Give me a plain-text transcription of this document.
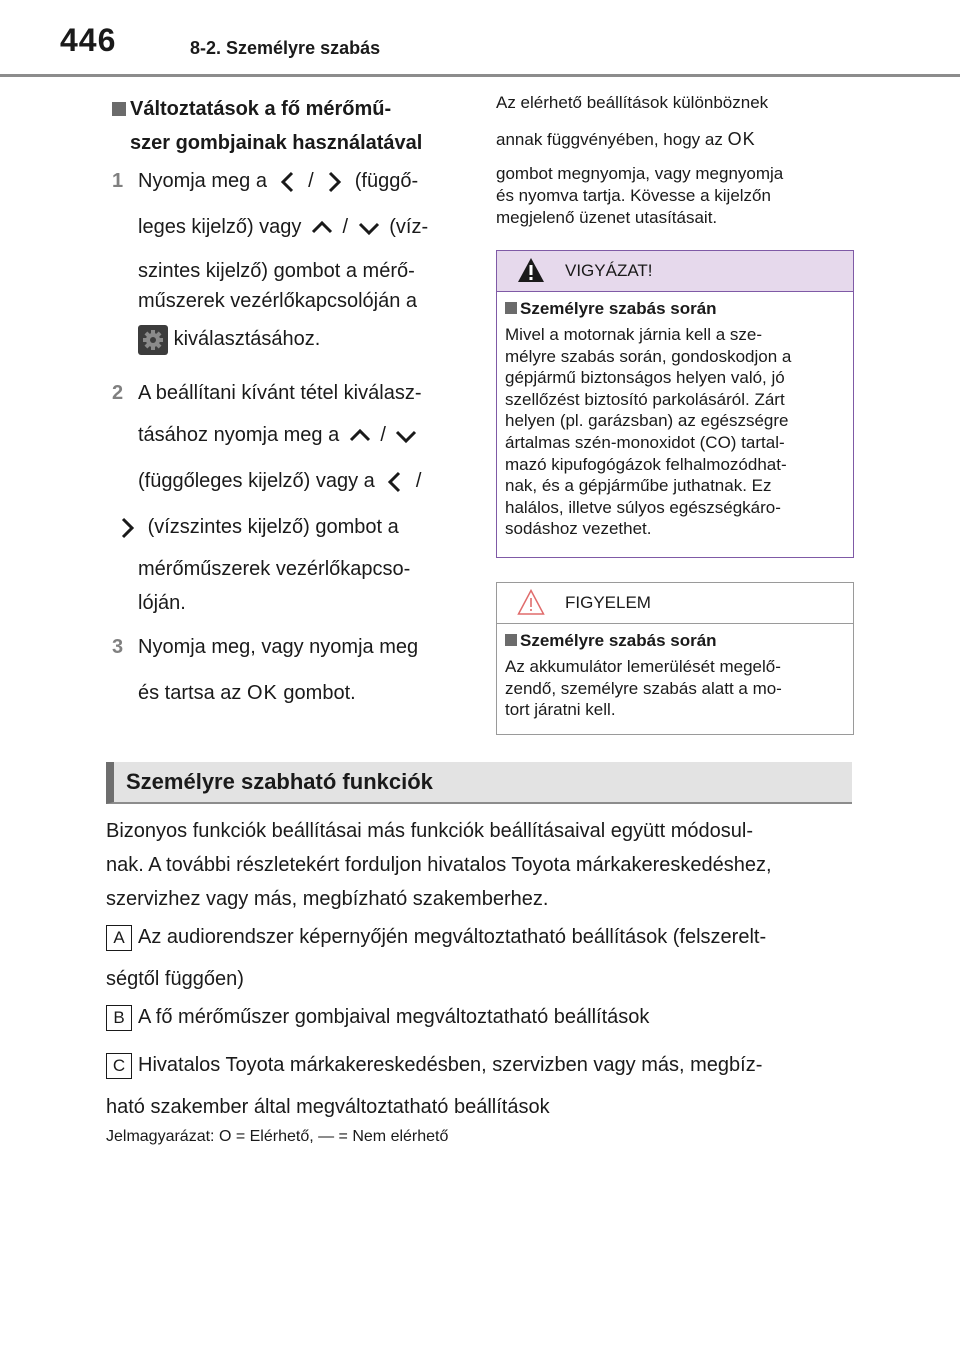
446	8-2. Személyre szabás
Változtatások a fő mérőmű-
szer gombjainak használatával
1 Nyomja meg a / (függő-
leges kijelző) vagy / (víz-
szintes kijelző) gombot a mérő-
műszerek vezérlőkapcsolóján a
kiválasztásához.
2 A beállítani kívánt tétel kiválasz-
tásához nyomja meg a /
(függőleges kijelző) vagy a /
(vízszintes kijelző) gombot a
mérőműszerek vezérlőkapcso-
lóján.
3 Nyomja meg, vagy nyomja meg
és tartsa az OK gombot.
Az elérhető beállítások különböznek
annak függvényében, hogy az OK
gombot megnyomja, vagy megnyomja
és nyomva tartja. Kövesse a kijelzőn
megjelenő üzenet utasításait.
VIGYÁZAT!
Személyre szabás során
Mivel a motornak járnia kell a sze-
mélyre szabás során, gondoskodjon a
gépjármű biztonságos helyen való, jó
szellőzést biztosító parkolásáról. Zárt
helyen (pl. garázsban) az egészségre
ártalmas szén-monoxidot (CO) tartal-
mazó kipufogógázok felhalmozódhat-
nak, és a gépjárműbe juthatnak. Ez
halálos, illetve súlyos egészségkáro-
sodáshoz vezethet.
FIGYELEM
Személyre szabás során
Az akkumulátor lemerülését megelő-
zendő, személyre szabás alatt a mo-
tort járatni kell.
Személyre szabható funkciók
Bizonyos funkciók beállításai más funkciók beállításaival együtt módosul-
nak. A további részletekért forduljon hivatalos Toyota márkakereskedéshez,
szervizhez vagy más, megbízható szakemberhez.
A Az audiorendszer képernyőjén megváltoztatható beállítások (felszerelt-
ségtől függően)
B A fő mérőműszer gombjaival megváltoztatható beállítások
C Hivatalos Toyota márkakereskedésben, szervizben vagy más, megbíz-
ható szakember által megváltoztatható beállítások
Jelmagyarázat: O = Elérhető, — = Nem elérhető
